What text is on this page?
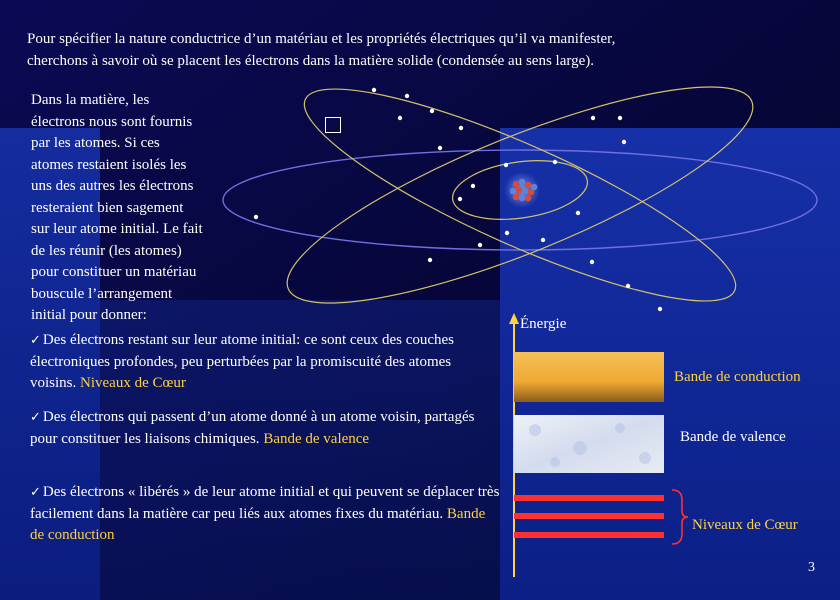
Pour spécifier la nature conductrice d’un matériau et les propriétés électriques qu’il va manifester,
cherchons à savoir où se placent les électrons dans la matière solide (condensée au sens large).
Dans la matière, les
électrons nous sont fournis
par les atomes. Si ces
atomes restaient isolés les
uns des autres les électrons
resteraient bien sagement
sur leur atome initial. Le fait
de les réunir (les atomes)
pour constituer un matériau
bouscule l’arrangement
initial pour donner:
✓ Des électrons restant sur leur atome initial: ce sont ceux des couches électroniques profondes, peu perturbées par la promiscuité des atomes voisins. Niveaux de Cœur
✓ Des électrons qui passent d’un atome donné à un atome voisin, partagés pour constituer les liaisons chimiques. Bande de valence
✓ Des électrons « libérés » de leur atome initial et qui peuvent se déplacer très facilement dans la matière car peu liés aux atomes fixes du matériau. Bande de conduction
Énergie
Bande de conduction
Bande de valence
Niveaux de Cœur
3
